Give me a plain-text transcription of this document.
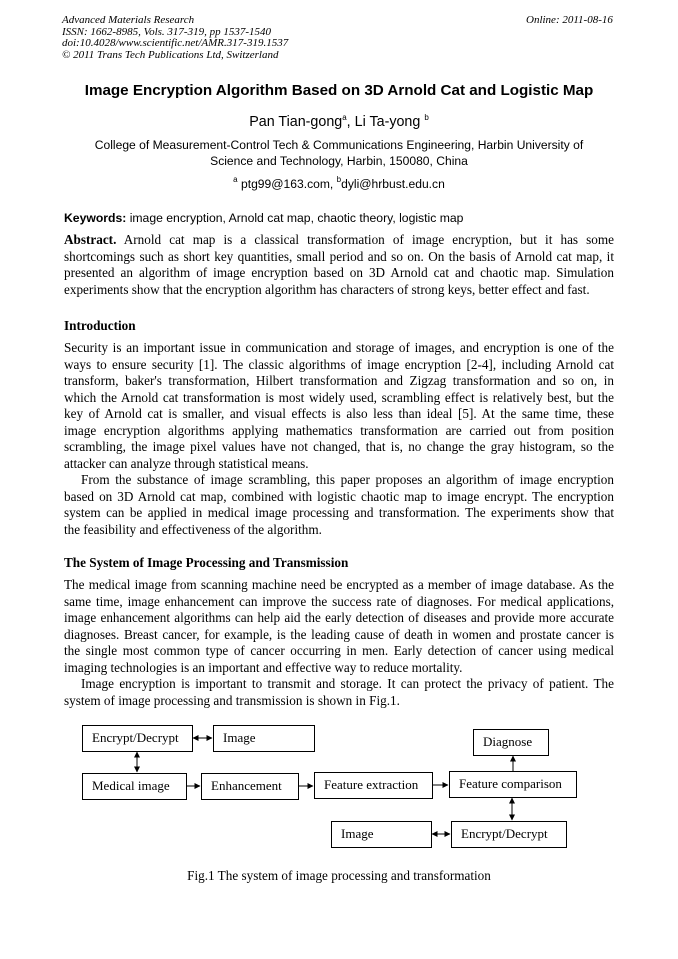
Advanced Materials Research
ISSN: 1662-8985, Vols. 317-319, pp 1537-1540
doi:10.4028/www.scientific.net/AMR.317-319.1537
© 2011 Trans Tech Publications Ltd, Switzerland
Online: 2011-08-16
Image Encryption Algorithm Based on 3D Arnold Cat and Logistic Map
Pan Tian-gong$^a$, Li Ta-yong $^b$
College of Measurement-Control Tech & Communications Engineering, Harbin University of
Science and Technology, Harbin, 150080, China
$^a$ ptg99@163.com, $^b$dyli@hrbust.edu.cn
Keywords: image encryption, Arnold cat map, chaotic theory, logistic map
Abstract. Arnold cat map is a classical transformation of image encryption, but it has some
shortcomings such as short key quantities, small period and so on. On the basis of Arnold cat map, it
presented an algorithm of image encryption based on 3D Arnold cat and chaotic map. Simulation
experiments show that the encryption algorithm has characters of strong keys, better effect and fast.
Introduction
Security is an important issue in communication and storage of images, and encryption is one of the
ways to ensure security [1]. The classic algorithms of image encryption [2-4], including Arnold cat
transform, baker's transformation, Hilbert transformation and Zigzag transformation and so on, in
which the Arnold cat transformation is most widely used, scrambling effect is relatively best, but the
key of Arnold cat is smaller, and visual effects is also less than ideal [5]. At the same time, these
image encryption algorithms applying mathematics transformation are carried out from position
scrambling, the image pixel values have not changed, that is, no change the gray histogram, so the
attacker can analyze through statistical means.
From the substance of image scrambling, this paper proposes an algorithm of image encryption
based on 3D Arnold cat map, combined with logistic chaotic map to image encrypt. The encryption
system can be applied in medical image processing and transformation. The experiments show that
the feasibility and effectiveness of the algorithm.
The System of Image Processing and Transmission
The medical image from scanning machine need be encrypted as a member of image database. As the
same time, image enhancement can improve the success rate of diagnoses. For medical applications,
image enhancement algorithms can help aid the early detection of diseases and provide more accurate
diagnoses. Breast cancer, for example, is the leading cause of death in women and prostate cancer is
the single most common type of cancer occurring in men. Early detection of cancer using medical
imaging technologies is an important and effective way to reduce mortality.
Image encryption is important to transmit and storage. It can protect the privacy of patient. The
system of image processing and transmission is shown in Fig.1.
Encrypt/Decrypt	Image
Medical image	Enhancement	Feature extraction	Feature comparison
Diagnose
Image	Encrypt/Decrypt
Fig.1 The system of image processing and transformation
